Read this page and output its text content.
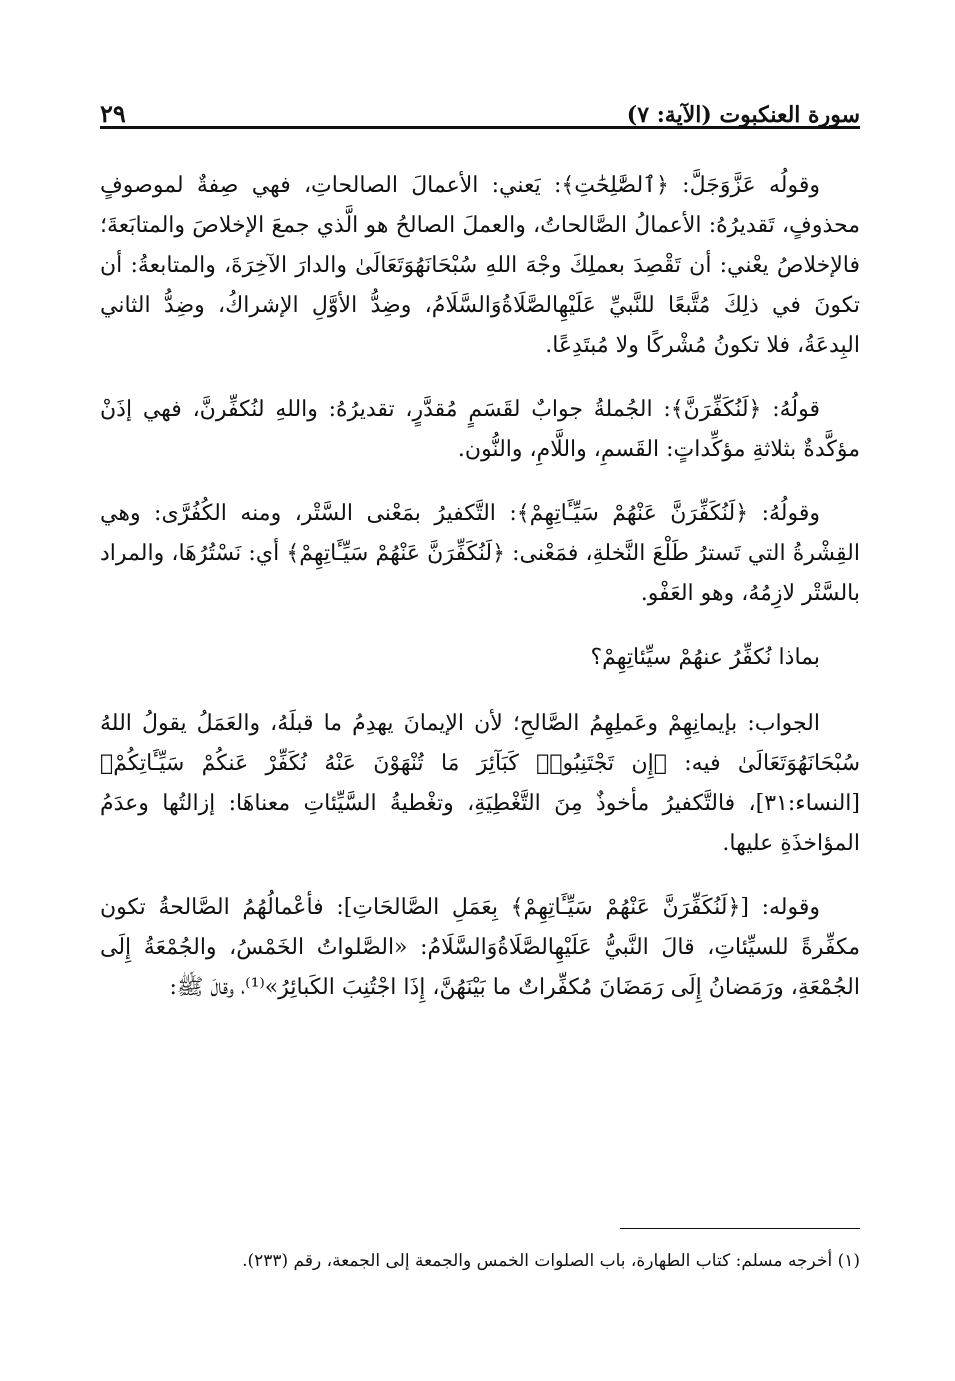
سورة العنكبوت (الآية: ٧)
٢٩

وقولُه عَزَّوَجَلَّ: ﴿ٱلصَّٰلِحَٰتِ﴾: يَعني: الأعمالَ الصالحاتِ، فهي صِفةٌ لموصوفٍ محذوفٍ، تَقديرُهُ: الأعمالُ الصَّالحاتُ، والعملَ الصالحُ هو الَّذي جمعَ الإخلاصَ والمتابَعةَ؛ فالإخلاصُ يعْني: أن تَقْصِدَ بعملِكَ وجْهَ اللهِ سُبْحَانَهُوَتَعَالَىٰ والدارَ الآخِرَةَ، والمتابعةُ: أن تكونَ في ذلِكَ مُتَّبعًا للنَّبيِّ عَلَيْهِالصَّلَاةُوَالسَّلَامُ، وضِدُّ الأوَّلِ الإشراكُ، وضِدُّ الثاني البِدعَةُ، فلا تكونُ مُشْركًا ولا مُبتَدِعًا.

قولُهُ: ﴿لَنُكَفِّرَنَّ﴾: الجُملةُ جوابٌ لقَسَمٍ مُقدَّرٍ، تقديرُهُ: واللهِ لنُكفِّرنَّ، فهي إذَنْ مؤكَّدةٌ بثلاثةِ مؤكِّداتٍ: القَسمِ، واللَّامِ، والنُّون.

وقولُهُ: ﴿لَنُكَفِّرَنَّ عَنْهُمْ سَيِّـَٔاتِهِمْ﴾: التَّكفيرُ بمَعْنى السَّتْر، ومنه الكُفُرَّى: وهي القِشْرةُ التي تَسترُ طَلْعَ النَّخلةِ، فمَعْنى: ﴿لَنُكَفِّرَنَّ عَنْهُمْ سَيِّـَٔاتِهِمْ﴾ أي: نَسْتُرُهَا، والمراد بالسَّتْر لازِمُهُ، وهو العَفْو.

بماذا نُكفِّرُ عنهُمْ سيِّئاتِهِمْ؟

الجواب: بإيمانِهِمْ وعَملِهِمُ الصَّالحِ؛ لأن الإيمانَ يهدِمُ ما قبلَهُ، والعَمَلُ يقولُ اللهُ سُبْحَانَهُوَتَعَالَىٰ فيه: ﴿إِن تَجْتَنِبُوا۟ كَبَآئِرَ مَا تُنْهَوْنَ عَنْهُ نُكَفِّرْ عَنكُمْ سَيِّـَٔاتِكُمْ﴾ [النساء:٣١]، فالتَّكفيرُ مأخوذٌ مِنَ التَّغْطِيَةِ، وتغْطيةُ السَّيِّئاتِ معناهَا: إزالتُها وعدَمُ المؤاخذَةِ عليها.

وقوله: [﴿لَنُكَفِّرَنَّ عَنْهُمْ سَيِّـَٔاتِهِمْ﴾ بِعَمَلِ الصَّالحَاتِ]: فأعْمالُهُمُ الصَّالحةُ تكون مكفِّرةً للسيِّئاتِ، قالَ النَّبيُّ عَلَيْهِالصَّلَاةُوَالسَّلَامُ: «الصَّلواتُ الخَمْسُ، والجُمْعَةُ إِلَى الجُمْعَةِ، ورَمَضانُ إِلَى رَمَضَانَ مُكفِّراتٌ ما بَيْنَهُنَّ، إِذَا اجْتُنِبَ الكَبائِرُ»⁽¹⁾، وقالَ ﷺ:

(١) أخرجه مسلم: كتاب الطهارة، باب الصلوات الخمس والجمعة إلى الجمعة، رقم (٢٣٣).
